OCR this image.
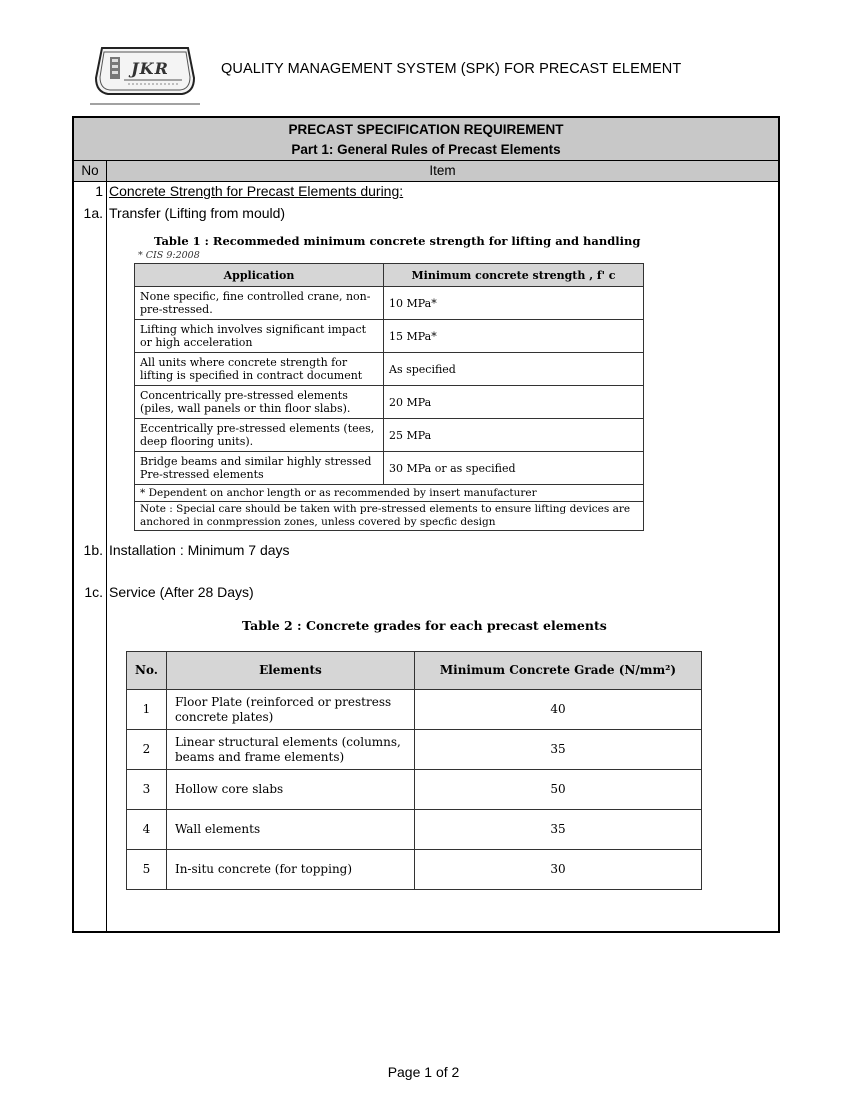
JKR	QUALITY MANAGEMENT SYSTEM (SPK) FOR PRECAST ELEMENT
PRECAST SPECIFICATION REQUIREMENT
Part 1: General Rules of Precast Elements
No	Item
1 Concrete Strength for Precast Elements during:
1a. Transfer (Lifting from mould)
Table 1 : Recommeded minimum concrete strength for lifting and handling
* CIS 9:2008
Application	Minimum concrete strength , f' c
None specific, fine controlled crane, non-pre-stressed.	10 MPa*
Lifting which involves significant impact or high acceleration	15 MPa*
All units where concrete strength for lifting is specified in contract document	As specified
Concentrically pre-stressed elements (piles, wall panels or thin floor slabs).	20 MPa
Eccentrically pre-stressed elements (tees, deep flooring units).	25 MPa
Bridge beams and similar highly stressed Pre-stressed elements	30 MPa or as specified
* Dependent on anchor length or as recommended by insert manufacturer	
Note : Special care should be taken with pre-stressed elements to ensure lifting devices are anchored in conmpression zones, unless covered by specfic design	
1b. Installation : Minimum 7 days
1c. Service (After 28 Days)
Table 2 : Concrete grades for each precast elements
No.	Elements	Minimum Concrete Grade (N/mm²)
1	Floor Plate (reinforced or prestress concrete plates)	40
2	Linear structural elements (columns, beams and frame elements)	35
3	Hollow core slabs	50
4	Wall elements	35
5	In-situ concrete (for topping)	30
Page 1 of 2
